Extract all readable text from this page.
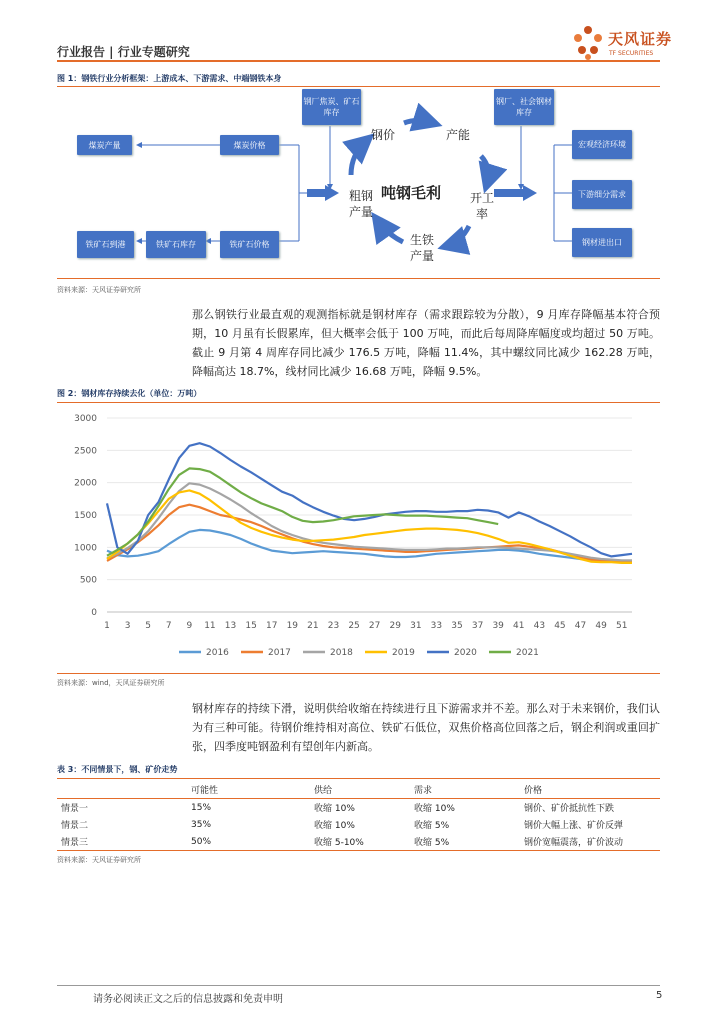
行业报告 | 行业专题研究
天风证券
TF SECURITIES
图 1：钢铁行业分析框架：上游成本、下游需求、中端钢铁本身
煤炭产量	煤炭价格
铁矿石到港	铁矿石库存	铁矿石价格
钢厂焦炭、矿石库存
钢厂、社会钢材库存
宏观经济环境
下游细分需求
钢材进出口
吨钢毛利
钢价	产能
开工率
生铁产量
粗钢产量
资料来源：天风证券研究所
那么钢铁行业最直观的观测指标就是钢材库存（需求跟踪较为分散），9 月库存降幅基本符合预期，10 月虽有长假累库，但大概率会低于 100 万吨，而此后每周降库幅度或均超过 50 万吨。截止 9 月第 4 周库存同比减少 176.5 万吨，降幅 11.4%，其中螺纹同比减少 162.28 万吨，降幅高达 18.7%，线材同比减少 16.68 万吨，降幅 9.5%。
图 2：钢材库存持续去化（单位：万吨）
0
500
1000
1500
2000
2500
3000
1 3 5 7 9 11 13 15 17 19 21 23 25 27 29 31 33 35 37 39 41 43 45 47 49 51
2016	2017	2018	2019	2020	2021
资料来源：wind，天风证券研究所
钢材库存的持续下滑，说明供给收缩在持续进行且下游需求并不差。那么对于未来钢价，我们认为有三种可能。待钢价维持相对高位、铁矿石低位，双焦价格高位回落之后，钢企利润或重回扩张，四季度吨钢盈利有望创年内新高。
表 3：不同情景下，钢、矿价走势
	可能性	供给	需求	价格
情景一	15%	收缩 10%	收缩 10%	钢价、矿价抵抗性下跌
情景二	35%	收缩 10%	收缩 5%	钢价大幅上涨、矿价反弹
情景三	50%	收缩 5-10%	收缩 5%	钢价宽幅震荡，矿价波动
资料来源：天风证券研究所
请务必阅读正文之后的信息披露和免责申明	5
